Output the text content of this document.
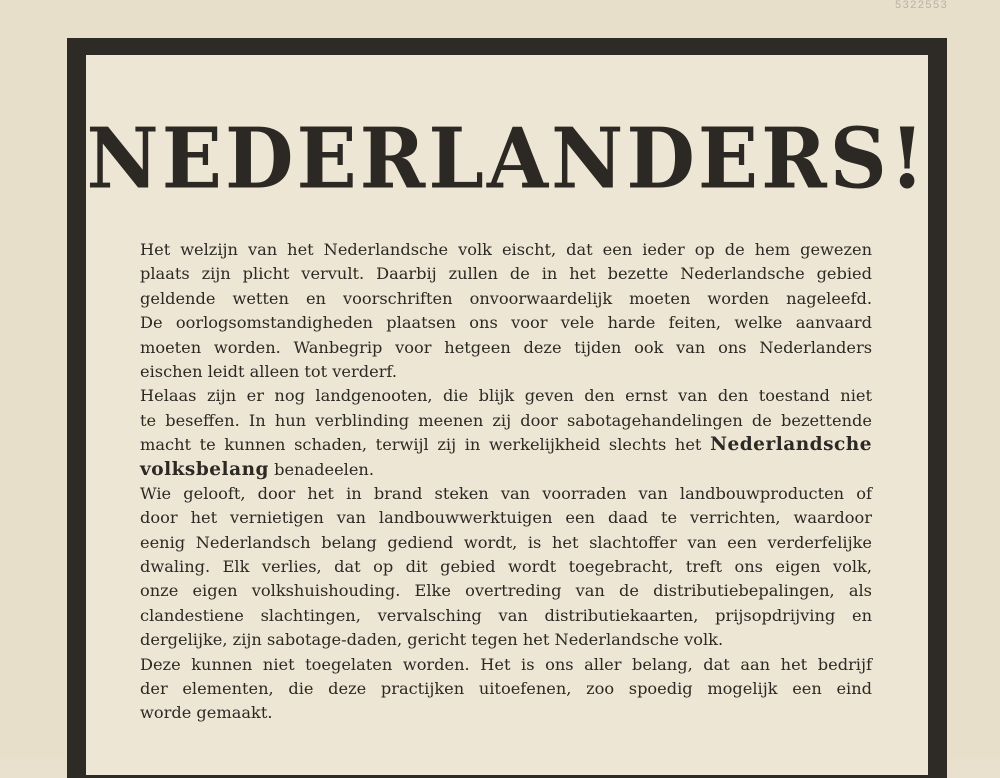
5322553
NEDERLANDERS!
Het welzijn van het Nederlandsche volk eischt, dat een ieder op de hem gewezen
plaats zijn plicht vervult. Daarbij zullen de in het bezette Nederlandsche gebied
geldende wetten en voorschriften onvoorwaardelijk moeten worden nageleefd.
De oorlogsomstandigheden plaatsen ons voor vele harde feiten, welke aanvaard
moeten worden. Wanbegrip voor hetgeen deze tijden ook van ons Nederlanders
eischen leidt alleen tot verderf.
Helaas zijn er nog landgenooten, die blijk geven den ernst van den toestand niet
te beseffen. In hun verblinding meenen zij door sabotagehandelingen de bezettende
macht te kunnen schaden, terwijl zij in werkelijkheid slechts het Nederlandsche
volksbelang benadeelen.
Wie gelooft, door het in brand steken van voorraden van landbouwproducten of
door het vernietigen van landbouwwerktuigen een daad te verrichten, waardoor
eenig Nederlandsch belang gediend wordt, is het slachtoffer van een verderfelijke
dwaling. Elk verlies, dat op dit gebied wordt toegebracht, treft ons eigen volk,
onze eigen volkshuishouding. Elke overtreding van de distributiebepalingen, als
clandestiene slachtingen, vervalsching van distributiekaarten, prijsopdrijving en
dergelijke, zijn sabotage-daden, gericht tegen het Nederlandsche volk.
Deze kunnen niet toegelaten worden. Het is ons aller belang, dat aan het bedrijf
der elementen, die deze practijken uitoefenen, zoo spoedig mogelijk een eind
worde gemaakt.
